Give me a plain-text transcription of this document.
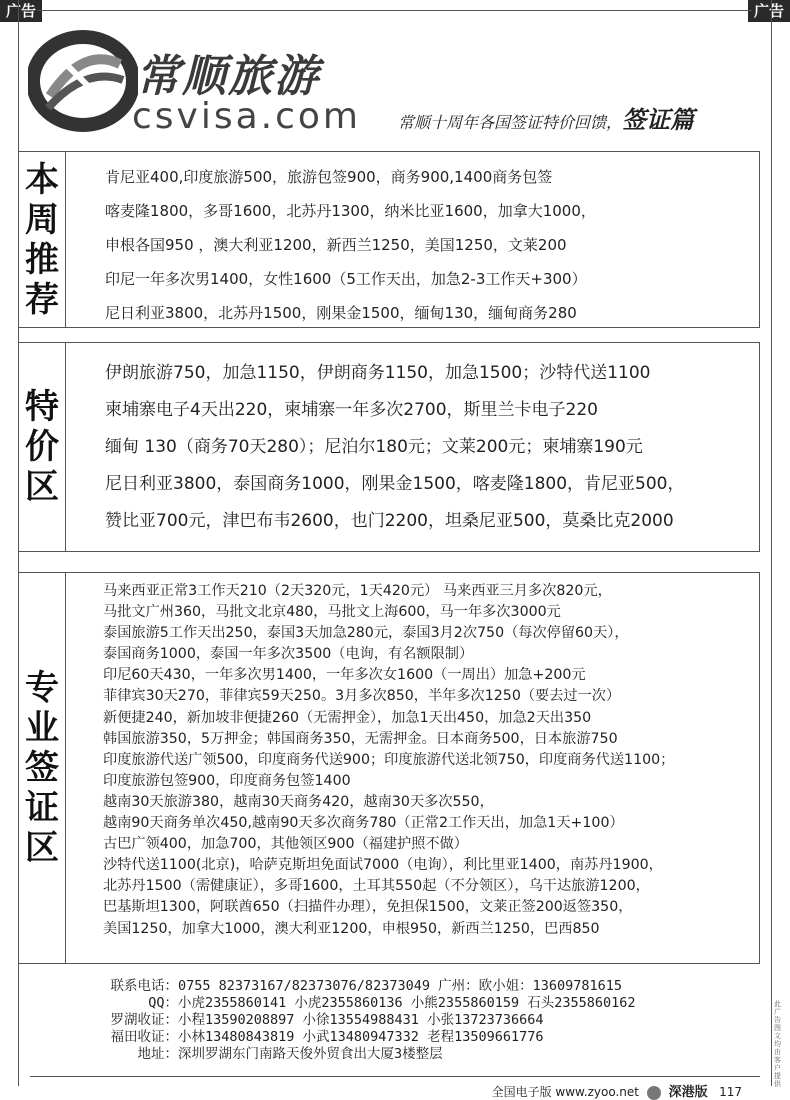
广告	广告
常顺旅游
csvisa.com 常顺十周年各国签证特价回馈，签证篇
本
周
推
荐
肯尼亚400,印度旅游500，旅游包签900，商务900,1400商务包签
喀麦隆1800，多哥1600，北苏丹1300，纳米比亚1600，加拿大1000，
申根各国950 ，澳大利亚1200，新西兰1250，美国1250，文莱200
印尼一年多次男1400，女性1600（5工作天出，加急2-3工作天+300）
尼日利亚3800，北苏丹1500，刚果金1500，缅甸130，缅甸商务280
特
价
区
伊朗旅游750，加急1150，伊朗商务1150，加急1500；沙特代送1100
柬埔寨电子4天出220，柬埔寨一年多次2700，斯里兰卡电子220
缅甸 130（商务70天280）；尼泊尔180元；文莱200元；柬埔寨190元
尼日利亚3800，泰国商务1000，刚果金1500，喀麦隆1800，肯尼亚500，
赞比亚700元，津巴布韦2600，也门2200，坦桑尼亚500，莫桑比克2000
专
业
签
证
区
马来西亚正常3工作天210（2天320元，1天420元） 马来西亚三月多次820元，
马批文广州360，马批文北京480，马批文上海600，马一年多次3000元
泰国旅游5工作天出250，泰国3天加急280元，泰国3月2次750（每次停留60天），
泰国商务1000，泰国一年多次3500（电询，有名额限制）
印尼60天430，一年多次男1400，一年多次女1600（一周出）加急+200元
菲律宾30天270，菲律宾59天250。3月多次850，半年多次1250（要去过一次）
新便捷240，新加坡非便捷260（无需押金），加急1天出450，加急2天出350
韩国旅游350，5万押金；韩国商务350，无需押金。日本商务500，日本旅游750
印度旅游代送广领500，印度商务代送900；印度旅游代送北领750，印度商务代送1100；
印度旅游包签900，印度商务包签1400
越南30天旅游380，越南30天商务420，越南30天多次550，
越南90天商务单次450,越南90天多次商务780（正常2工作天出，加急1天+100）
古巴广领400，加急700，其他领区900（福建护照不做）
沙特代送1100(北京)，哈萨克斯坦免面试7000（电询），利比里亚1400，南苏丹1900，
北苏丹1500（需健康证），多哥1600，土耳其550起（不分领区），乌干达旅游1200，
巴基斯坦1300，阿联酋650（扫描件办理），免担保1500，文莱正签200返签350，
美国1250，加拿大1000，澳大利亚1200，申根950，新西兰1250，巴西850
联系电话：0755 82373167/82373076/82373049 广州：欧小姐：13609781615
QQ：小虎2355860141 小虎2355860136 小熊2355860159 石头2355860162
罗湖收证：小程13590208897 小徐13554988431 小张13723736664
福田收证：小林13480843819 小武13480947332 老程13509661776
地址：深圳罗湖东门南路天俊外贸食出大厦3楼整层
此广告图文均由客户提供
全国电子版 www.zyoo.net 深港版 117
